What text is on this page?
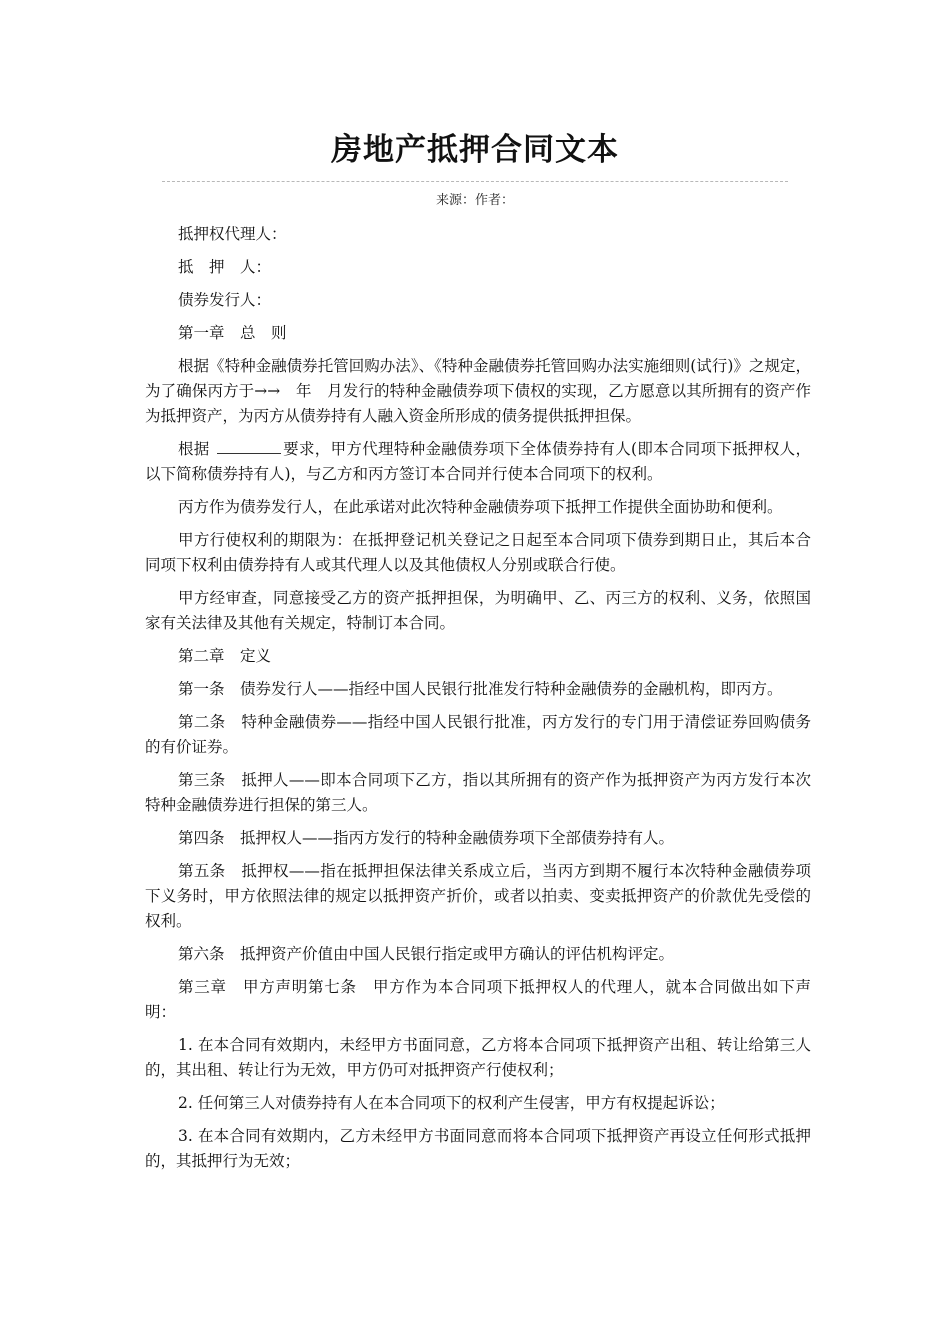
房地产抵押合同文本
来源：作者：

抵押权代理人：

抵　押　人：

债券发行人：

第一章　总　则

根据《特种金融债券托管回购办法》、《特种金融债券托管回购办法实施细则(试行)》之规定，为了确保丙方于→→　年　月发行的特种金融债券项下债权的实现，乙方愿意以其所拥有的资产作为抵押资产，为丙方从债券持有人融入资金所形成的债务提供抵押担保。

根据	要求，甲方代理特种金融债券项下全体债券持有人(即本合同项下抵押权人，以下简称债券持有人)，与乙方和丙方签订本合同并行使本合同项下的权利。

丙方作为债券发行人，在此承诺对此次特种金融债券项下抵押工作提供全面协助和便利。

甲方行使权利的期限为：在抵押登记机关登记之日起至本合同项下债券到期日止，其后本合同项下权利由债券持有人或其代理人以及其他债权人分别或联合行使。

甲方经审查，同意接受乙方的资产抵押担保，为明确甲、乙、丙三方的权利、义务，依照国家有关法律及其他有关规定，特制订本合同。

第二章　定义

第一条　债券发行人——指经中国人民银行批准发行特种金融债券的金融机构，即丙方。

第二条　特种金融债券——指经中国人民银行批准，丙方发行的专门用于清偿证券回购债务的有价证券。

第三条　抵押人——即本合同项下乙方，指以其所拥有的资产作为抵押资产为丙方发行本次特种金融债券进行担保的第三人。

第四条　抵押权人——指丙方发行的特种金融债券项下全部债券持有人。

第五条　抵押权——指在抵押担保法律关系成立后，当丙方到期不履行本次特种金融债券项下义务时，甲方依照法律的规定以抵押资产折价，或者以拍卖、变卖抵押资产的价款优先受偿的权利。

第六条　抵押资产价值由中国人民银行指定或甲方确认的评估机构评定。

第三章　甲方声明第七条　甲方作为本合同项下抵押权人的代理人，就本合同做出如下声明：

1. 在本合同有效期内，未经甲方书面同意，乙方将本合同项下抵押资产出租、转让给第三人的，其出租、转让行为无效，甲方仍可对抵押资产行使权利；

2. 任何第三人对债券持有人在本合同项下的权利产生侵害，甲方有权提起诉讼；

3. 在本合同有效期内，乙方未经甲方书面同意而将本合同项下抵押资产再设立任何形式抵押的，其抵押行为无效；
